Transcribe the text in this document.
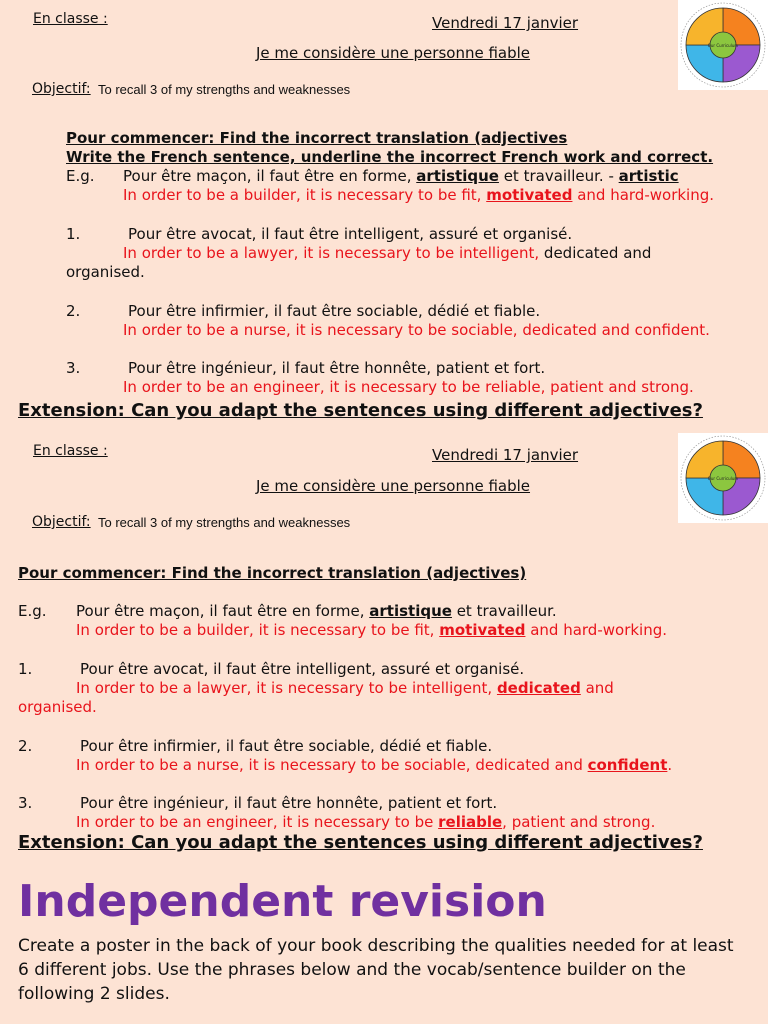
En classe :	Vendredi 17 janvier
Je me considère une personne fiable	Our Curriculum
Objectif: To recall 3 of my strengths and weaknesses
Pour commencer: Find the incorrect translation (adjectives
Write the French sentence, underline the incorrect French work and correct.
E.g. Pour être maçon, il faut être en forme, artistique et travailleur. - artistic
In order to be a builder, it is necessary to be fit, motivated and hard-working.
1.	Pour être avocat, il faut être intelligent, assuré et organisé.
In order to be a lawyer, it is necessary to be intelligent, dedicated and
organised.
2.	Pour être infirmier, il faut être sociable, dédié et fiable.
In order to be a nurse, it is necessary to be sociable, dedicated and confident.
3.	Pour être ingénieur, il faut être honnête, patient et fort.
In order to be an engineer, it is necessary to be reliable, patient and strong.
Extension: Can you adapt the sentences using different adjectives?
En classe :	Vendredi 17 janvier
Je me considère une personne fiable	Our Curriculum
Objectif: To recall 3 of my strengths and weaknesses
Pour commencer: Find the incorrect translation (adjectives)
E.g. Pour être maçon, il faut être en forme, artistique et travailleur.
In order to be a builder, it is necessary to be fit, motivated and hard-working.
1.	Pour être avocat, il faut être intelligent, assuré et organisé.
In order to be a lawyer, it is necessary to be intelligent, dedicated and
organised.
2.	Pour être infirmier, il faut être sociable, dédié et fiable.
In order to be a nurse, it is necessary to be sociable, dedicated and confident.
3.	Pour être ingénieur, il faut être honnête, patient et fort.
In order to be an engineer, it is necessary to be reliable, patient and strong.
Extension: Can you adapt the sentences using different adjectives?
Independent revision
Create a poster in the back of your book describing the qualities needed for at least 6 different jobs. Use the phrases below and the vocab/sentence builder on the following 2 slides.
